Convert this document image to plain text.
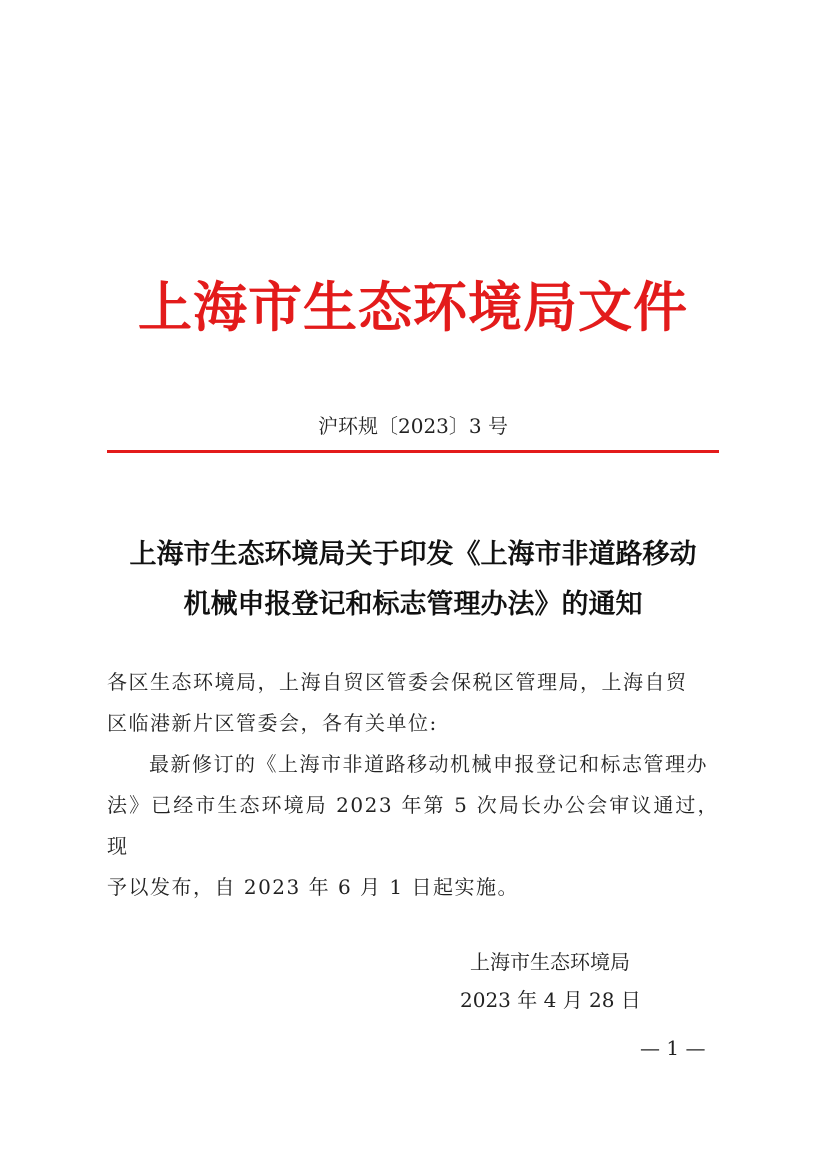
上海市生态环境局文件
沪环规〔2023〕3 号
上海市生态环境局关于印发《上海市非道路移动
机械申报登记和标志管理办法》的通知

各区生态环境局，上海自贸区管委会保税区管理局，上海自贸

区临港新片区管委会，各有关单位:

最新修订的《上海市非道路移动机械申报登记和标志管理办

法》已经市生态环境局 2023 年第 5 次局长办公会审议通过，现

予以发布，自 2023 年 6 月 1 日起实施。

上海市生态环境局
2023 年 4 月 28 日
— 1 —
